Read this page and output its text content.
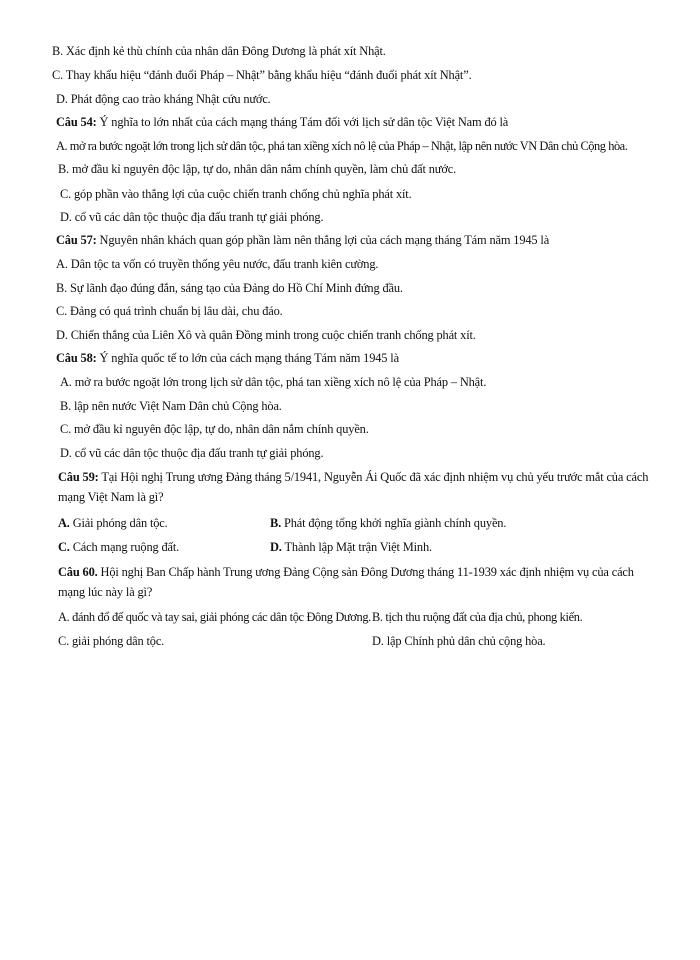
B. Xác định kẻ thù chính của nhân dân Đông Dương là phát xít Nhật.
C. Thay khẩu hiệu “đánh đuổi Pháp – Nhật” bằng khẩu hiệu “đánh đuổi phát xít Nhật”.
D. Phát động cao trào kháng Nhật cứu nước.
Câu 54: Ý nghĩa to lớn nhất của cách mạng tháng Tám đối với lịch sử dân tộc Việt Nam đó là
A. mở ra bước ngoặt lớn trong lịch sử dân tộc, phá tan xiềng xích nô lệ của Pháp – Nhật, lập nên nước VN Dân chủ Cộng hòa.
B. mở đầu kỉ nguyên độc lập, tự do, nhân dân nắm chính quyền, làm chủ đất nước.
C. góp phần vào thắng lợi của cuộc chiến tranh chống chủ nghĩa phát xít.
D. cổ vũ các dân tộc thuộc địa đấu tranh tự giải phóng.
Câu 57: Nguyên nhân khách quan góp phần làm nên thắng lợi của cách mạng tháng Tám năm 1945 là
A. Dân tộc ta vốn có truyền thống yêu nước, đấu tranh kiên cường.
B. Sự lãnh đạo đúng đắn, sáng tạo của Đảng do Hồ Chí Minh đứng đầu.
C. Đảng có quá trình chuẩn bị lâu dài, chu đáo.
D. Chiến thắng của Liên Xô và quân Đồng minh trong cuộc chiến tranh chống phát xít.
Câu 58: Ý nghĩa quốc tế to lớn của cách mạng tháng Tám năm 1945 là
A. mở ra bước ngoặt lớn trong lịch sử dân tộc, phá tan xiềng xích nô lệ của Pháp – Nhật.
B. lập nên nước Việt Nam Dân chủ Cộng hòa.
C. mở đầu kỉ nguyên độc lập, tự do, nhân dân nắm chính quyền.
D. cổ vũ các dân tộc thuộc địa đấu tranh tự giải phóng.
Câu 59: Tại Hội nghị Trung ương Đảng tháng 5/1941, Nguyễn Ái Quốc đã xác định nhiệm vụ chủ yếu trước mắt của cách mạng Việt Nam là gì?
A. Giải phóng dân tộc.	B. Phát động tổng khởi nghĩa giành chính quyền.
C. Cách mạng ruộng đất.	D. Thành lập Mặt trận Việt Minh.
Câu 60. Hội nghị Ban Chấp hành Trung ương Đảng Cộng sản Đông Dương tháng 11-1939 xác định nhiệm vụ của cách mạng lúc này là gì?
A. đánh đổ đế quốc và tay sai, giải phóng các dân tộc Đông Dương. B. tịch thu ruộng đất của địa chủ, phong kiến.
C. giải phóng dân tộc.	D. lập Chính phủ dân chủ cộng hòa.
